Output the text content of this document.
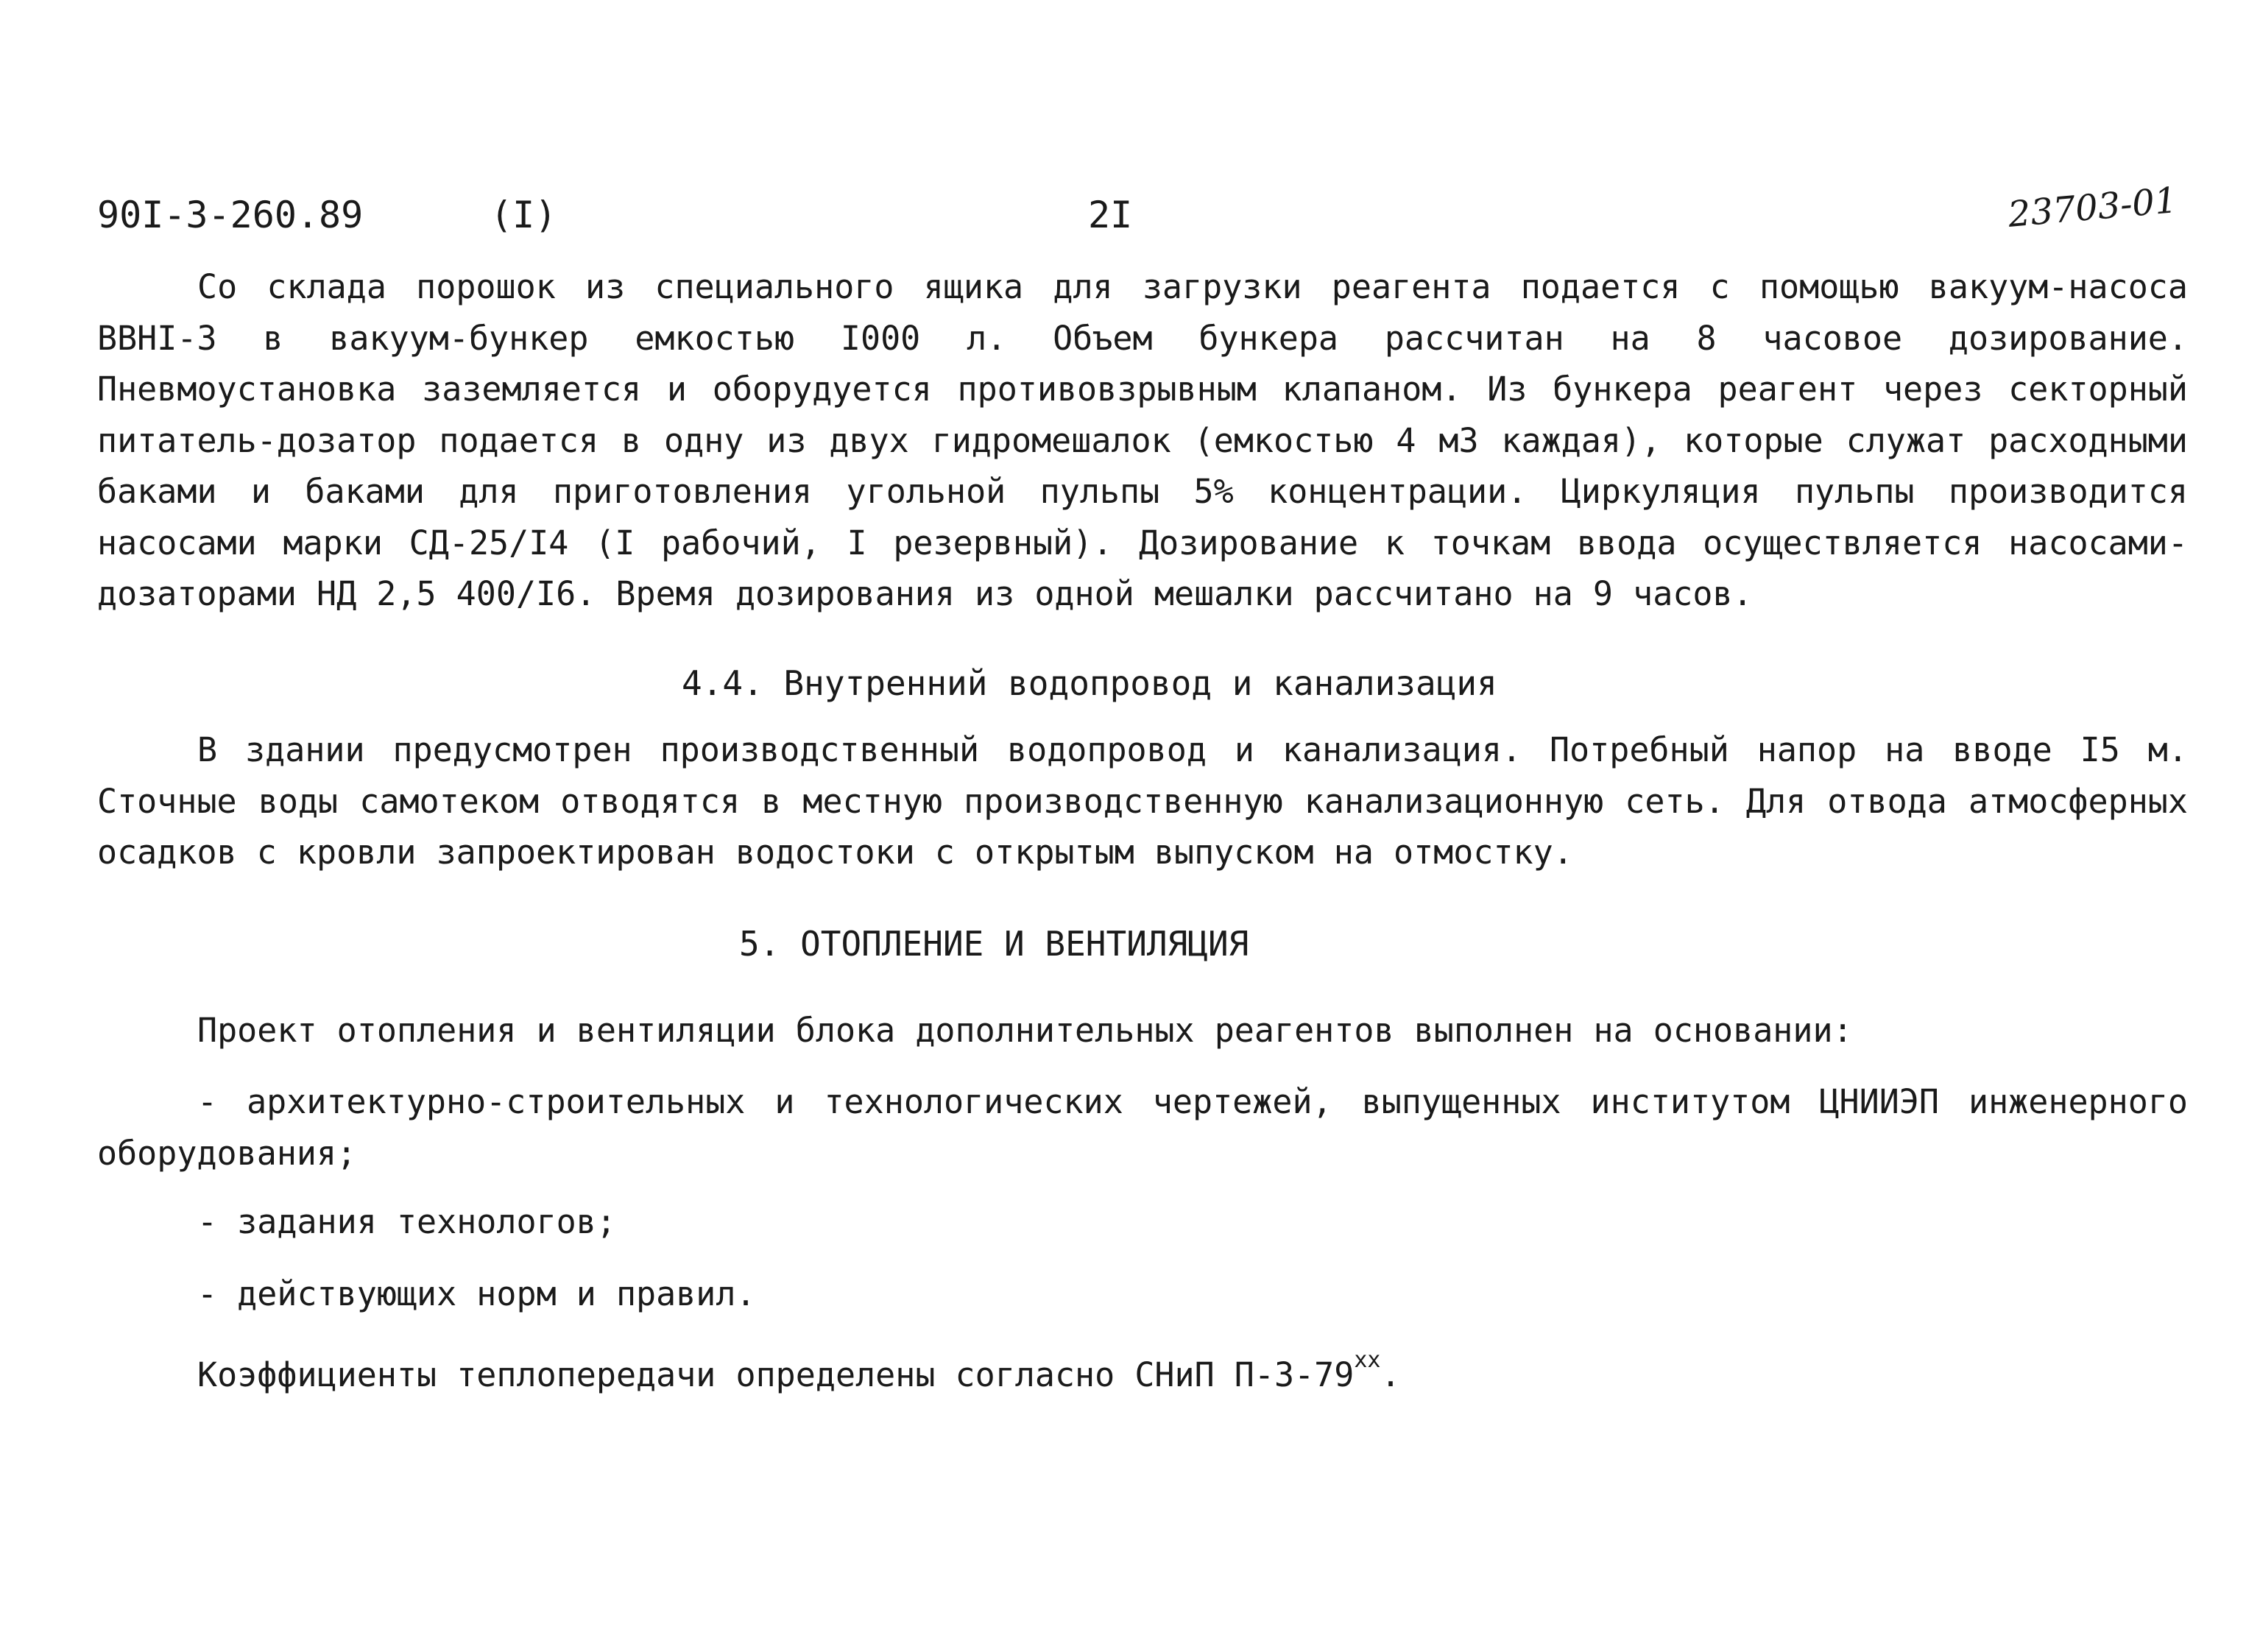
90I-3-260.89	(I)	2I	23703-01

Со склада порошок из специального ящика для загрузки реагента подается с помощью вакуум-насоса ВВНI-3 в вакуум-бункер емкостью I000 л. Объем бункера рассчитан на 8 часовое дозирование. Пневмоустановка заземляется и оборудуется противовзрывным клапаном. Из бункера реагент через секторный питатель-дозатор подается в одну из двух гидромешалок (емкостью 4 м3 каждая), которые служат расходными баками и баками для приготовления угольной пульпы 5% концентрации. Циркуляция пульпы производится насосами марки СД-25/I4 (I рабочий, I резервный). Дозирование к точкам ввода осуществляется насосами-дозаторами НД 2,5 400/I6. Время дозирования из одной мешалки рассчитано на 9 часов.

4.4. Внутренний водопровод и канализация

В здании предусмотрен производственный водопровод и канализация. Потребный напор на вводе I5 м. Сточные воды самотеком отводятся в местную производственную канализационную сеть. Для отвода атмосферных осадков с кровли запроектирован водостоки с открытым выпуском на отмостку.

5. ОТОПЛЕНИЕ И ВЕНТИЛЯЦИЯ

Проект отопления и вентиляции блока дополнительных реагентов выполнен на основании:

- архитектурно-строительных и технологических чертежей, выпущенных институтом ЦНИИЭП инженерного оборудования;

- задания технологов;

- действующих норм и правил.

Коэффициенты теплопередачи определены согласно СНиП П-3-79$^{xx}$.
